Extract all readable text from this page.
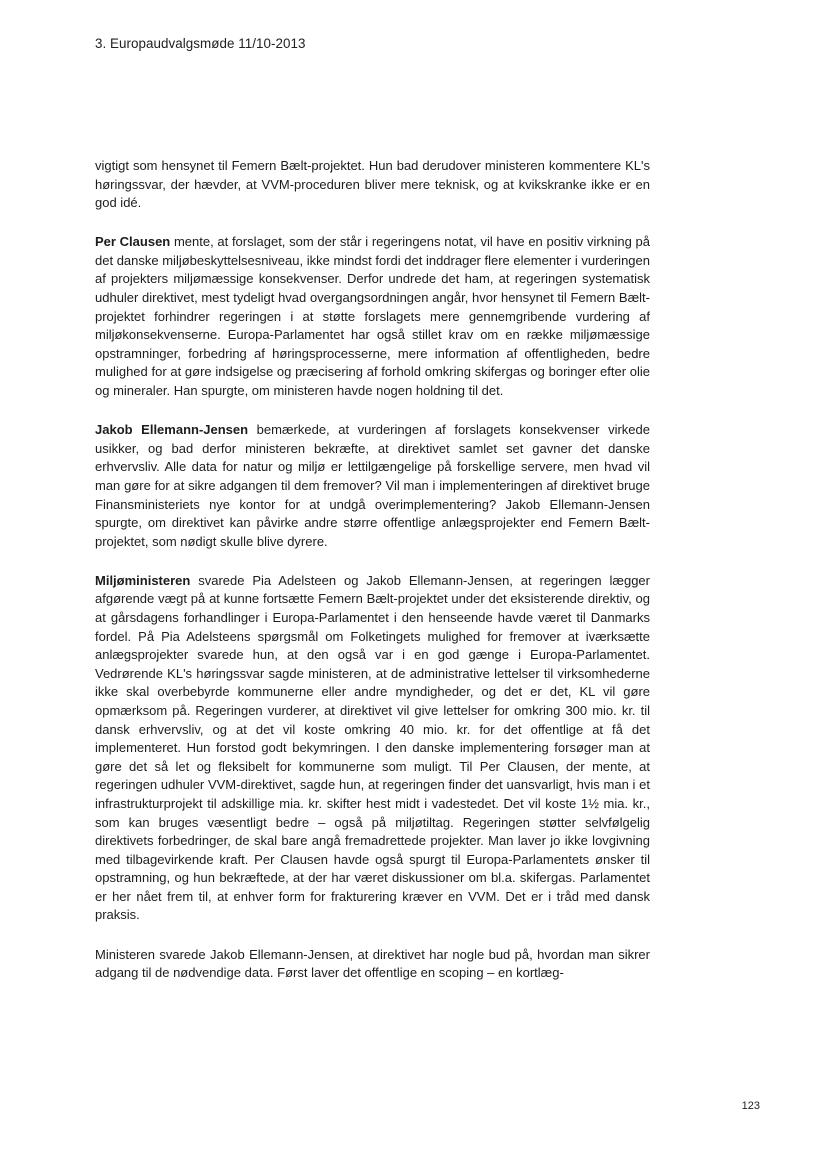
3. Europaudvalgsmøde 11/10-2013

vigtigt som hensynet til Femern Bælt-projektet. Hun bad derudover ministeren kommentere KL's høringssvar, der hævder, at VVM-proceduren bliver mere teknisk, og at kvikskranke ikke er en god idé.

Per Clausen mente, at forslaget, som der står i regeringens notat, vil have en positiv virkning på det danske miljøbeskyttelsesniveau, ikke mindst fordi det inddrager flere elementer i vurderingen af projekters miljømæssige konsekvenser. Derfor undrede det ham, at regeringen systematisk udhuler direktivet, mest tydeligt hvad overgangsordningen angår, hvor hensynet til Femern Bælt-projektet forhindrer regeringen i at støtte forslagets mere gennemgribende vurdering af miljøkonsekvenserne. Europa-Parlamentet har også stillet krav om en række miljømæssige opstramninger, forbedring af høringsprocesserne, mere information af offentligheden, bedre mulighed for at gøre indsigelse og præcisering af forhold omkring skifergas og boringer efter olie og mineraler. Han spurgte, om ministeren havde nogen holdning til det.

Jakob Ellemann-Jensen bemærkede, at vurderingen af forslagets konsekvenser virkede usikker, og bad derfor ministeren bekræfte, at direktivet samlet set gavner det danske erhvervsliv. Alle data for natur og miljø er lettilgængelige på forskellige servere, men hvad vil man gøre for at sikre adgangen til dem fremover? Vil man i implementeringen af direktivet bruge Finansministeriets nye kontor for at undgå overimplementering? Jakob Ellemann-Jensen spurgte, om direktivet kan påvirke andre større offentlige anlægsprojekter end Femern Bælt-projektet, som nødigt skulle blive dyrere.

Miljøministeren svarede Pia Adelsteen og Jakob Ellemann-Jensen, at regeringen lægger afgørende vægt på at kunne fortsætte Femern Bælt-projektet under det eksisterende direktiv, og at gårsdagens forhandlinger i Europa-Parlamentet i den henseende havde været til Danmarks fordel. På Pia Adelsteens spørgsmål om Folketingets mulighed for fremover at iværksætte anlægsprojekter svarede hun, at den også var i en god gænge i Europa-Parlamentet. Vedrørende KL's høringssvar sagde ministeren, at de administrative lettelser til virksomhederne ikke skal overbebyrde kommunerne eller andre myndigheder, og det er det, KL vil gøre opmærksom på. Regeringen vurderer, at direktivet vil give lettelser for omkring 300 mio. kr. til dansk erhvervsliv, og at det vil koste omkring 40 mio. kr. for det offentlige at få det implementeret. Hun forstod godt bekymringen. I den danske implementering forsøger man at gøre det så let og fleksibelt for kommunerne som muligt. Til Per Clausen, der mente, at regeringen udhuler VVM-direktivet, sagde hun, at regeringen finder det uansvarligt, hvis man i et infrastrukturprojekt til adskillige mia. kr. skifter hest midt i vadestedet. Det vil koste 1½ mia. kr., som kan bruges væsentligt bedre – også på miljøtiltag. Regeringen støtter selvfølgelig direktivets forbedringer, de skal bare angå fremadrettede projekter. Man laver jo ikke lovgivning med tilbagevirkende kraft. Per Clausen havde også spurgt til Europa-Parlamentets ønsker til opstramning, og hun bekræftede, at der har været diskussioner om bl.a. skifergas. Parlamentet er her nået frem til, at enhver form for frakturering kræver en VVM. Det er i tråd med dansk praksis.

Ministeren svarede Jakob Ellemann-Jensen, at direktivet har nogle bud på, hvordan man sikrer adgang til de nødvendige data. Først laver det offentlige en scoping – en kortlæg-

123
